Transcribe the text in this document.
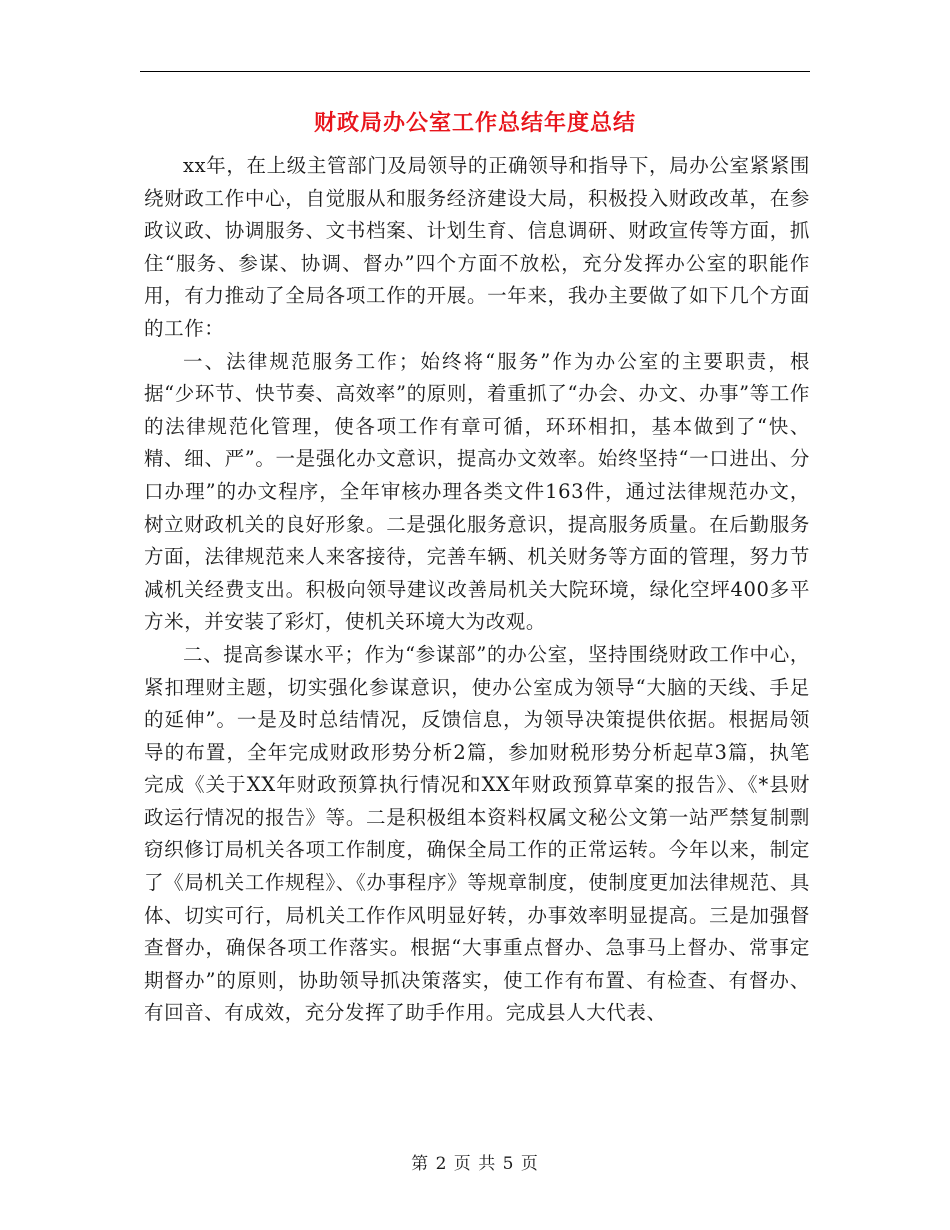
财政局办公室工作总结年度总结

xx年，在上级主管部门及局领导的正确领导和指导下，局办公室紧紧围绕财政工作中心，自觉服从和服务经济建设大局，积极投入财政改革，在参政议政、协调服务、文书档案、计划生育、信息调研、财政宣传等方面，抓住“服务、参谋、协调、督办”四个方面不放松，充分发挥办公室的职能作用，有力推动了全局各项工作的开展。一年来，我办主要做了如下几个方面的工作：

一、法律规范服务工作；始终将“服务”作为办公室的主要职责，根据“少环节、快节奏、高效率”的原则，着重抓了“办会、办文、办事”等工作的法律规范化管理，使各项工作有章可循，环环相扣，基本做到了“快、精、细、严”。一是强化办文意识，提高办文效率。始终坚持“一口进出、分口办理”的办文程序，全年审核办理各类文件163件，通过法律规范办文，树立财政机关的良好形象。二是强化服务意识，提高服务质量。在后勤服务方面，法律规范来人来客接待，完善车辆、机关财务等方面的管理，努力节减机关经费支出。积极向领导建议改善局机关大院环境，绿化空坪400多平方米，并安装了彩灯，使机关环境大为改观。

二、提高参谋水平；作为“参谋部”的办公室，坚持围绕财政工作中心，紧扣理财主题，切实强化参谋意识，使办公室成为领导“大脑的天线、手足的延伸”。一是及时总结情况，反馈信息，为领导决策提供依据。根据局领导的布置，全年完成财政形势分析2篇，参加财税形势分析起草3篇，执笔完成《关于XX年财政预算执行情况和XX年财政预算草案的报告》、《*县财政运行情况的报告》等。二是积极组本资料权属文秘公文第一站严禁复制剽窃织修订局机关各项工作制度，确保全局工作的正常运转。今年以来，制定了《局机关工作规程》、《办事程序》等规章制度，使制度更加法律规范、具体、切实可行，局机关工作作风明显好转，办事效率明显提高。三是加强督查督办，确保各项工作落实。根据“大事重点督办、急事马上督办、常事定期督办”的原则，协助领导抓决策落实，使工作有布置、有检查、有督办、有回音、有成效，充分发挥了助手作用。完成县人大代表、

第 2 页 共 5 页
